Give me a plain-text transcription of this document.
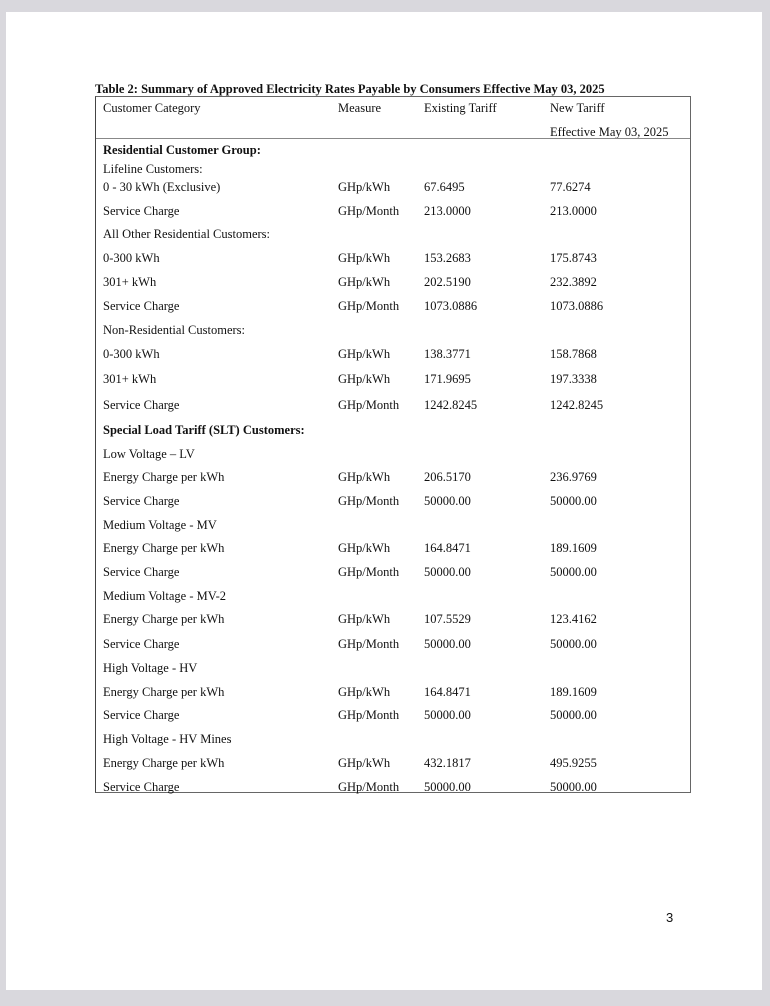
Table 2: Summary of Approved Electricity Rates Payable by Consumers Effective May 03, 2025
Customer Category	Measure	Existing Tariff	New Tariff
Effective May 03, 2025
Residential Customer Group:
Lifeline Customers:
0 - 30 kWh (Exclusive)	GHp/kWh	67.6495	77.6274
Service Charge	GHp/Month 213.0000	213.0000
All Other Residential Customers:
0-300 kWh	GHp/kWh	153.2683	175.8743
301+ kWh	GHp/kWh	202.5190	232.3892
Service Charge	GHp/Month 1073.0886	1073.0886
Non-Residential Customers:
0-300 kWh	GHp/kWh	138.3771	158.7868
301+ kWh	GHp/kWh	171.9695	197.3338
Service Charge	GHp/Month 1242.8245	1242.8245
Special Load Tariff (SLT) Customers:
Low Voltage – LV
Energy Charge per kWh	GHp/kWh	206.5170	236.9769
Service Charge	GHp/Month 50000.00	50000.00
Medium Voltage - MV
Energy Charge per kWh	GHp/kWh	164.8471	189.1609
Service Charge	GHp/Month 50000.00	50000.00
Medium Voltage - MV-2
Energy Charge per kWh	GHp/kWh	107.5529	123.4162
Service Charge	GHp/Month 50000.00	50000.00
High Voltage - HV
Energy Charge per kWh	GHp/kWh	164.8471	189.1609
Service Charge	GHp/Month 50000.00	50000.00
High Voltage - HV Mines
Energy Charge per kWh	GHp/kWh	432.1817	495.9255
Service Charge	GHp/Month 50000.00	50000.00
3
